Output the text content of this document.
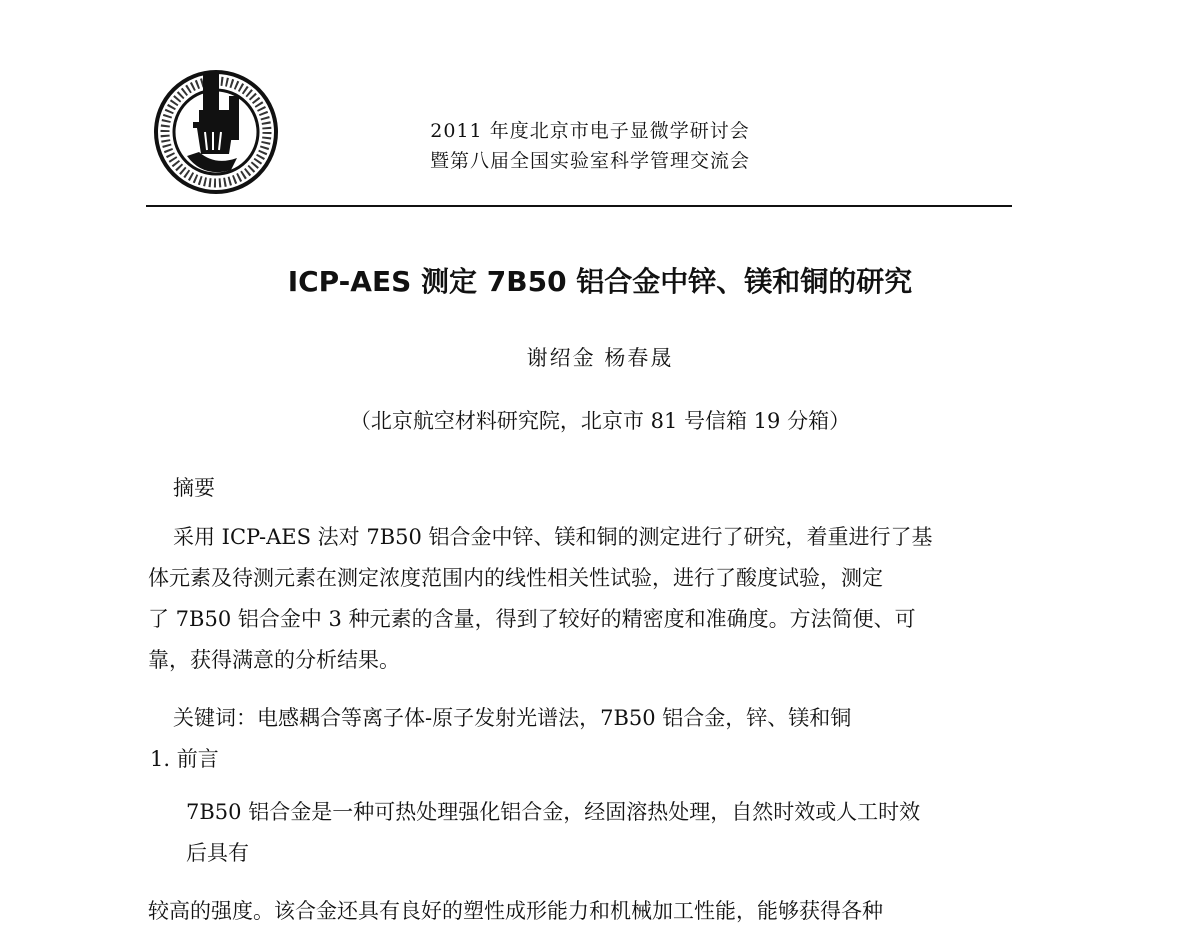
2011 年度北京市电子显微学研讨会
暨第八届全国实验室科学管理交流会
ICP-AES 测定 7B50 铝合金中锌、镁和铜的研究
谢绍金 杨春晟
（北京航空材料研究院，北京市 81 号信箱 19 分箱）
摘要
采用 ICP-AES 法对 7B50 铝合金中锌、镁和铜的测定进行了研究，着重进行了基
体元素及待测元素在测定浓度范围内的线性相关性试验，进行了酸度试验，测定
了 7B50 铝合金中 3 种元素的含量，得到了较好的精密度和准确度。方法简便、可
靠，获得满意的分析结果。
关键词：电感耦合等离子体-原子发射光谱法，7B50 铝合金，锌、镁和铜
1. 前言
7B50 铝合金是一种可热处理强化铝合金，经固溶热处理，自然时效或人工时效
后具有
较高的强度。该合金还具有良好的塑性成形能力和机械加工性能，能够获得各种
